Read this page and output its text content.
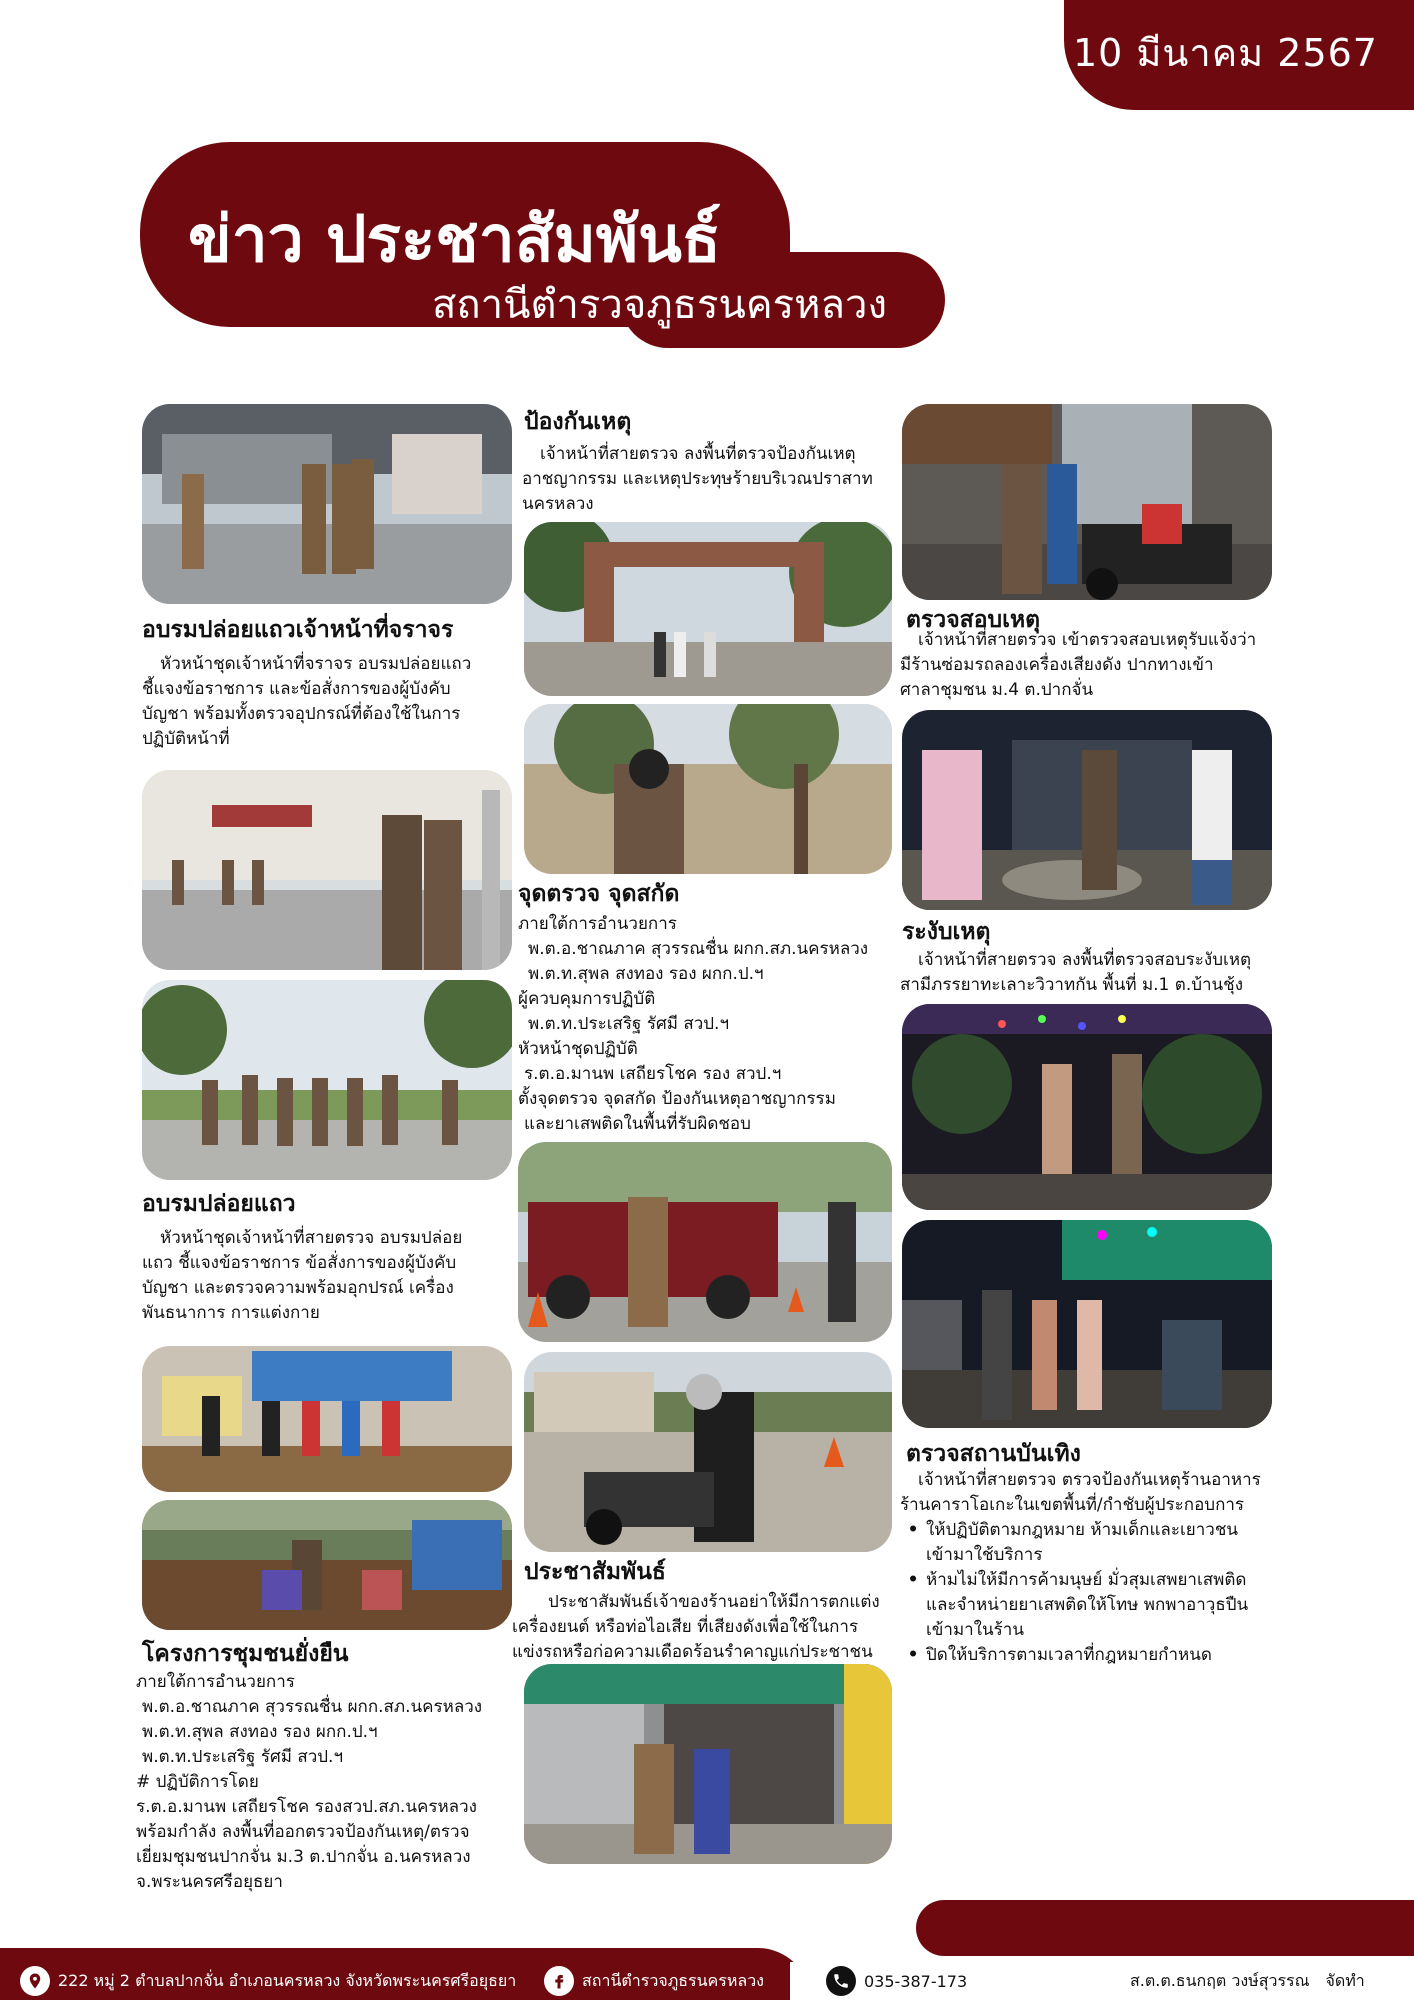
10 มีนาคม 2567
ข่าว ประชาสัมพันธ์
สถานีตำรวจภูธรนครหลวง
อบรมปล่อยแถวเจ้าหน้าที่จราจร
หัวหน้าชุดเจ้าหน้าที่จราจร อบรมปล่อยแถว
ชี้แจงข้อราชการ และข้อสั่งการของผู้บังคับ
บัญชา พร้อมทั้งตรวจอุปกรณ์ที่ต้องใช้ในการ
ปฏิบัติหน้าที่
อบรมปล่อยแถว
หัวหน้าชุดเจ้าหน้าที่สายตรวจ อบรมปล่อย
แถว ชี้แจงข้อราชการ ข้อสั่งการของผู้บังคับ
บัญชา และตรวจความพร้อมอุกปรณ์ เครื่อง
พันธนาการ การแต่งกาย
โครงการชุมชนยั่งยืน
ภายใต้การอำนวยการ
พ.ต.อ.ชาณภาค สุวรรณชื่น ผกก.สภ.นครหลวง
พ.ต.ท.สุพล สงทอง รอง ผกก.ป.ฯ
พ.ต.ท.ประเสริฐ รัศมี สวป.ฯ
# ปฏิบัติการโดย
ร.ต.อ.มานพ เสถียรโชค รองสวป.สภ.นครหลวง
พร้อมกำลัง ลงพื้นที่ออกตรวจป้องกันเหตุ/ตรวจ
เยี่ยมชุมชนปากจั่น ม.3 ต.ปากจั่น อ.นครหลวง
จ.พระนครศรีอยุธยา
ป้องกันเหตุ
เจ้าหน้าที่สายตรวจ ลงพื้นที่ตรวจป้องกันเหตุ
อาชญากรรม และเหตุประทุษร้ายบริเวณปราสาท
นครหลวง
จุดตรวจ จุดสกัด
ภายใต้การอำนวยการ
พ.ต.อ.ชาณภาค สุวรรณชื่น ผกก.สภ.นครหลวง
พ.ต.ท.สุพล สงทอง รอง ผกก.ป.ฯ
ผู้ควบคุมการปฏิบัติ
พ.ต.ท.ประเสริฐ รัศมี สวป.ฯ
หัวหน้าชุดปฏิบัติ
ร.ต.อ.มานพ เสถียรโชค รอง สวป.ฯ
ตั้งจุดตรวจ จุดสกัด ป้องกันเหตุอาชญากรรม
และยาเสพติดในพื้นที่รับผิดชอบ
ประชาสัมพันธ์
ประชาสัมพันธ์เจ้าของร้านอย่าให้มีการตกแต่ง
เครื่องยนต์ หรือท่อไอเสีย ที่เสียงดังเพื่อใช้ในการ
แข่งรถหรือก่อความเดือดร้อนรำคาญแก่ประชาชน
ตรวจสอบเหตุ
เจ้าหน้าที่สายตรวจ เข้าตรวจสอบเหตุรับแจ้งว่า
มีร้านซ่อมรถลองเครื่องเสียงดัง ปากทางเข้า
ศาลาชุมชน ม.4 ต.ปากจั่น
ระงับเหตุ
เจ้าหน้าที่สายตรวจ ลงพื้นที่ตรวจสอบระงับเหตุ
สามีภรรยาทะเลาะวิวาทกัน พื้นที่ ม.1 ต.บ้านชุ้ง
ตรวจสถานบันเทิง
เจ้าหน้าที่สายตรวจ ตรวจป้องกันเหตุร้านอาหาร
ร้านคาราโอเกะในเขตพื้นที่/กำชับผู้ประกอบการ
• ให้ปฏิบัติตามกฎหมาย ห้ามเด็กและเยาวชน
เข้ามาใช้บริการ
• ห้ามไม่ให้มีการค้ามนุษย์ มั่วสุมเสพยาเสพติด
และจำหน่ายยาเสพติดให้โทษ พกพาอาวุธปืน
เข้ามาในร้าน
• ปิดให้บริการตามเวลาที่กฎหมายกำหนด
222 หมู่ 2 ตำบลปากจั่น อำเภอนครหลวง จังหวัดพระนครศรีอยุธยา	สถานีตำรวจภูธรนครหลวง	035-387-173	ส.ต.ต.ธนกฤต วงษ์สุวรรณ จัดทำ
